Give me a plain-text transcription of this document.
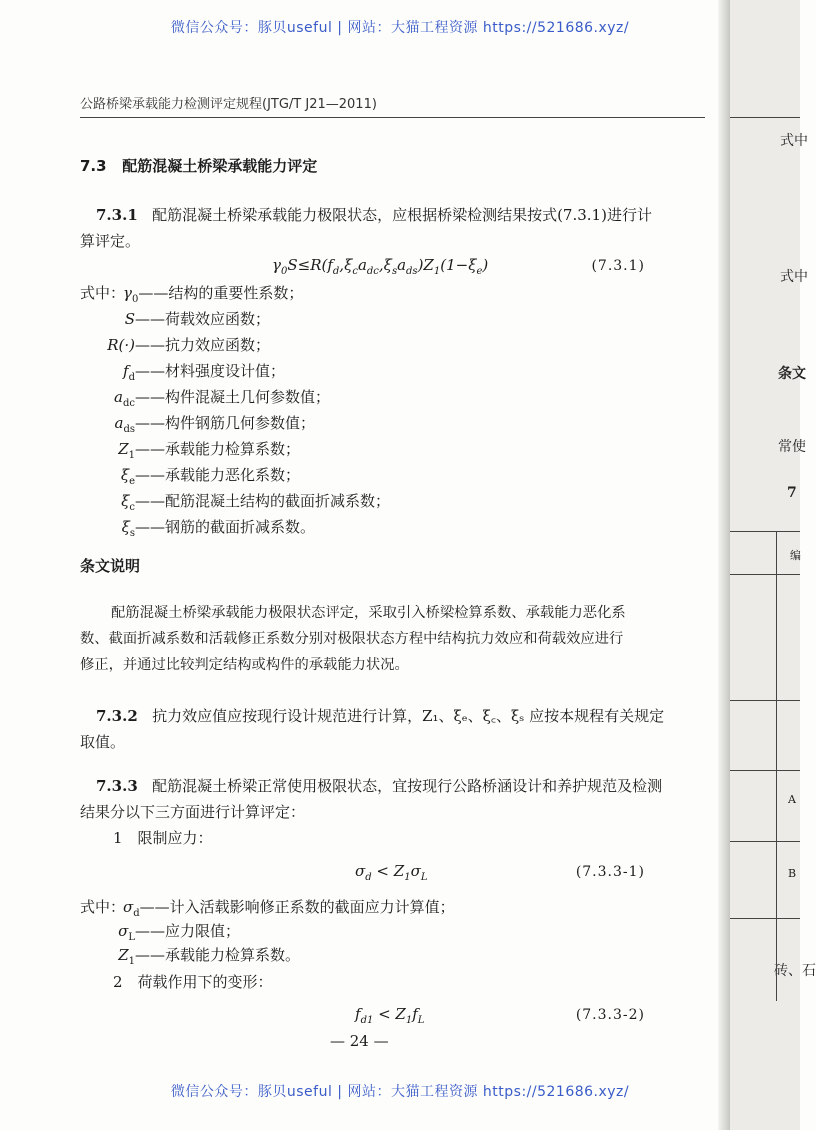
公路桥梁承载能力检测评定规程(JTG/T J21—2011)
7.3 配筋混凝土桥梁承载能力评定
7.3.1 配筋混凝土桥梁承载能力极限状态，应根据桥梁检测结果按式(7.3.1)进行计
算评定。
$\gamma_0S\le R(f_d,\xi_ca_{dc},\xi_sa_{ds})Z_1(1-\xi_e)$	(7.3.1)
式中：
$\gamma_0——$结构的重要性系数；
S——荷载效应函数；
R(·)——抗力效应函数；
$f_d——$材料强度设计值；
$a_{dc}——$构件混凝土几何参数值；
$a_{ds}——$构件钢筋几何参数值；
$Z_1——$承载能力检算系数；
$\xi_e——$承载能力恶化系数；
$\xi_c——$配筋混凝土结构的截面折减系数；
$\xi_s——$钢筋的截面折减系数。
条文说明
配筋混凝土桥梁承载能力极限状态评定，采取引入桥梁检算系数、承载能力恶化系
数、截面折减系数和活载修正系数分别对极限状态方程中结构抗力效应和荷载效应进行
修正，并通过比较判定结构或构件的承载能力状况。
7.3.2 抗力效应值应按现行设计规范进行计算，Z₁、ξₑ、ξ꜀、ξₛ 应按本规程有关规定
取值。
7.3.3 配筋混凝土桥梁正常使用极限状态，宜按现行公路桥涵设计和养护规范及检测
结果分以下三方面进行计算评定：
1　限制应力：
$\sigma_d < Z_1\sigma_L$	(7.3.3-1)
式中：
$\sigma_d——$计入活载影响修正系数的截面应力计算值；
$\sigma_L——$应力限值；
$Z_1——$承载能力检算系数。
2　荷载作用下的变形：
$f_{d1} < Z_1f_L$	(7.3.3-2)
— 24 —
式中
式中
条文
常使
7
编
A
B
砖、石
微信公众号：豚贝useful | 网站：大猫工程资源 https://521686.xyz/
微信公众号：豚贝useful | 网站：大猫工程资源 https://521686.xyz/
